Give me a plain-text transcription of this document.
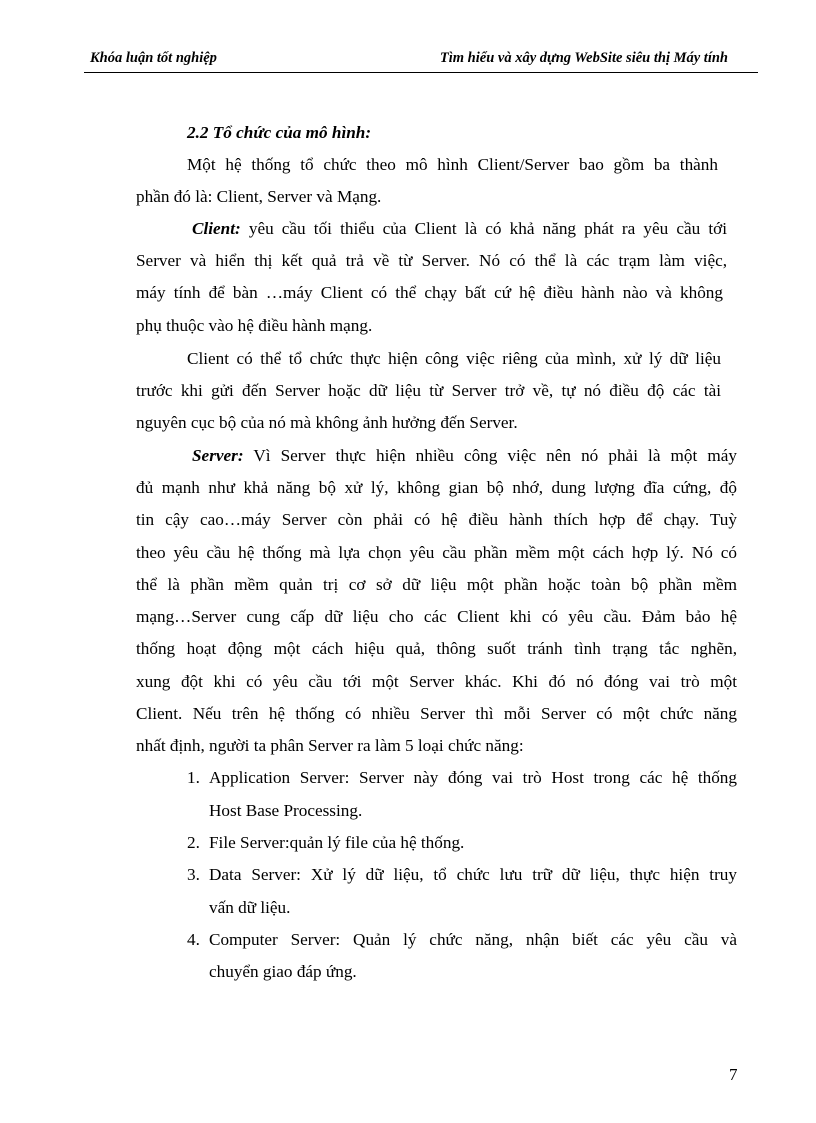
Khóa luận tốt nghiệp	Tìm hiểu và xây dựng WebSite siêu thị Máy tính
2.2 Tổ chức của mô hình:
Một hệ thống tổ chức theo mô hình Client/Server bao gồm ba thành
phần đó là: Client, Server và Mạng.
Client: yêu cầu tối thiểu của Client là có khả năng phát ra yêu cầu tới
Server và hiển thị kết quả trả về từ Server. Nó có thể là các trạm làm việc,
máy tính để bàn …máy Client có thể chạy bất cứ hệ điều hành nào và không
phụ thuộc vào hệ điều hành mạng.
Client có thể tổ chức thực hiện công việc riêng của mình, xử lý dữ liệu
trước khi gửi đến Server hoặc dữ liệu từ Server trở về, tự nó điều độ các tài
nguyên cục bộ của nó mà không ảnh hưởng đến Server.
Server: Vì Server thực hiện nhiều công việc nên nó phải là một máy
đủ mạnh như khả năng bộ xử lý, không gian bộ nhớ, dung lượng đĩa cứng, độ
tin cậy cao…máy Server còn phải có hệ điều hành thích hợp để chạy. Tuỳ
theo yêu cầu hệ thống mà lựa chọn yêu cầu phần mềm một cách hợp lý. Nó có
thể là phần mềm quản trị cơ sở dữ liệu một phần hoặc toàn bộ phần mềm
mạng…Server cung cấp dữ liệu cho các Client khi có yêu cầu. Đảm bảo hệ
thống hoạt động một cách hiệu quả, thông suốt tránh tình trạng tắc nghẽn,
xung đột khi có yêu cầu tới một Server khác. Khi đó nó đóng vai trò một
Client. Nếu trên hệ thống có nhiều Server thì mỗi Server có một chức năng
nhất định, người ta phân Server ra làm 5 loại chức năng:
1. Application Server: Server này đóng vai trò Host trong các hệ thống
Host Base Processing.
2. File Server:quản lý file của hệ thống.
3. Data Server: Xử lý dữ liệu, tổ chức lưu trữ dữ liệu, thực hiện truy
vấn dữ liệu.
4. Computer Server: Quản lý chức năng, nhận biết các yêu cầu và
chuyển giao đáp ứng.
7
